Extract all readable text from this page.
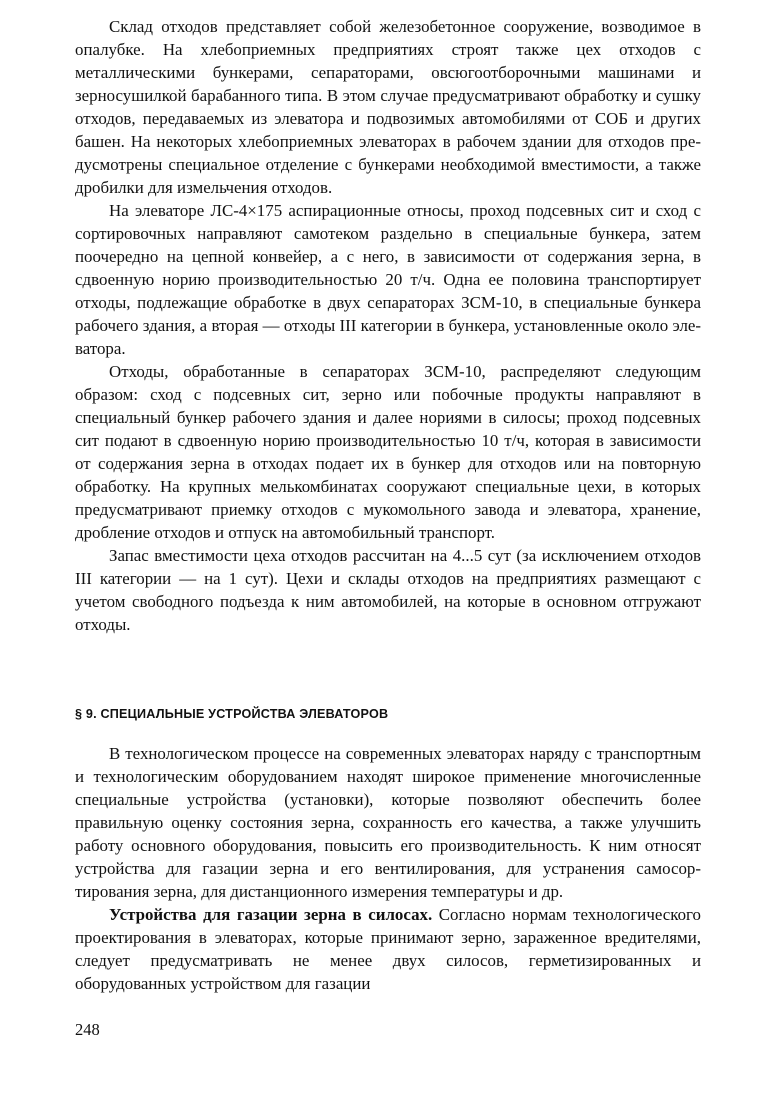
Склад отходов представляет собой железобетонное сооружение, возводимое в опалубке. На хлебоприемных предприятиях строят также цех отходов с металлическими бункерами, сепараторами, овсюгоотборочными машинами и зерносушилкой барабанного типа. В этом случае предусматривают обработку и сушку отходов, передаваемых из элеватора и подвозимых автомобилями от СОБ и других башен. На некоторых хлебоприемных элеваторах в рабочем здании для отходов предусмотрены специальное отделение с бункерами необходимой вместимости, а также дробилки для измельчения отходов.

На элеваторе ЛС-4×175 аспирационные относы, проход подсевных сит и сход с сортировочных направляют самотеком раздельно в специальные бункера, затем поочередно на цепной конвейер, а с него, в зависимости от содержания зерна, в сдвоенную норию производительностью 20 т/ч. Одна ее половина транспортирует отходы, подлежащие обработке в двух сепараторах ЗСМ-10, в специальные бункера рабочего здания, а вторая — отходы III категории в бункера, установленные около элеватора.

Отходы, обработанные в сепараторах ЗСМ-10, распределяют следующим образом: сход с подсевных сит, зерно или побочные продукты направляют в специальный бункер рабочего здания и далее нориями в силосы; проход подсевных сит подают в сдвоенную норию производительностью 10 т/ч, которая в зависимости от содержания зерна в отходах подает их в бункер для отходов или на повторную обработку. На крупных мелькомбинатах сооружают специальные цехи, в которых предусматривают приемку отходов с мукомольного завода и элеватора, хранение, дробление отходов и отпуск на автомобильный транспорт.

Запас вместимости цеха отходов рассчитан на 4...5 сут (за исключением отходов III категории — на 1 сут). Цехи и склады отходов на предприятиях размещают с учетом свободного подъезда к ним автомобилей, на которые в основном отгружают отходы.

§ 9. СПЕЦИАЛЬНЫЕ УСТРОЙСТВА ЭЛЕВАТОРОВ

В технологическом процессе на современных элеваторах наряду с транспортным и технологическим оборудованием находят широкое применение многочисленные специальные устройства (установки), которые позволяют обеспечить более правильную оценку состояния зерна, сохранность его качества, а также улучшить работу основного оборудования, повысить его производительность. К ним относят устройства для газации зерна и его вентилирования, для устранения самосортирования зерна, для дистанционного измерения температуры и др.

Устройства для газации зерна в силосах. Согласно нормам технологического проектирования в элеваторах, которые принимают зерно, зараженное вредителями, следует предусматривать не менее двух силосов, герметизированных и оборудованных устройством для газации

248
